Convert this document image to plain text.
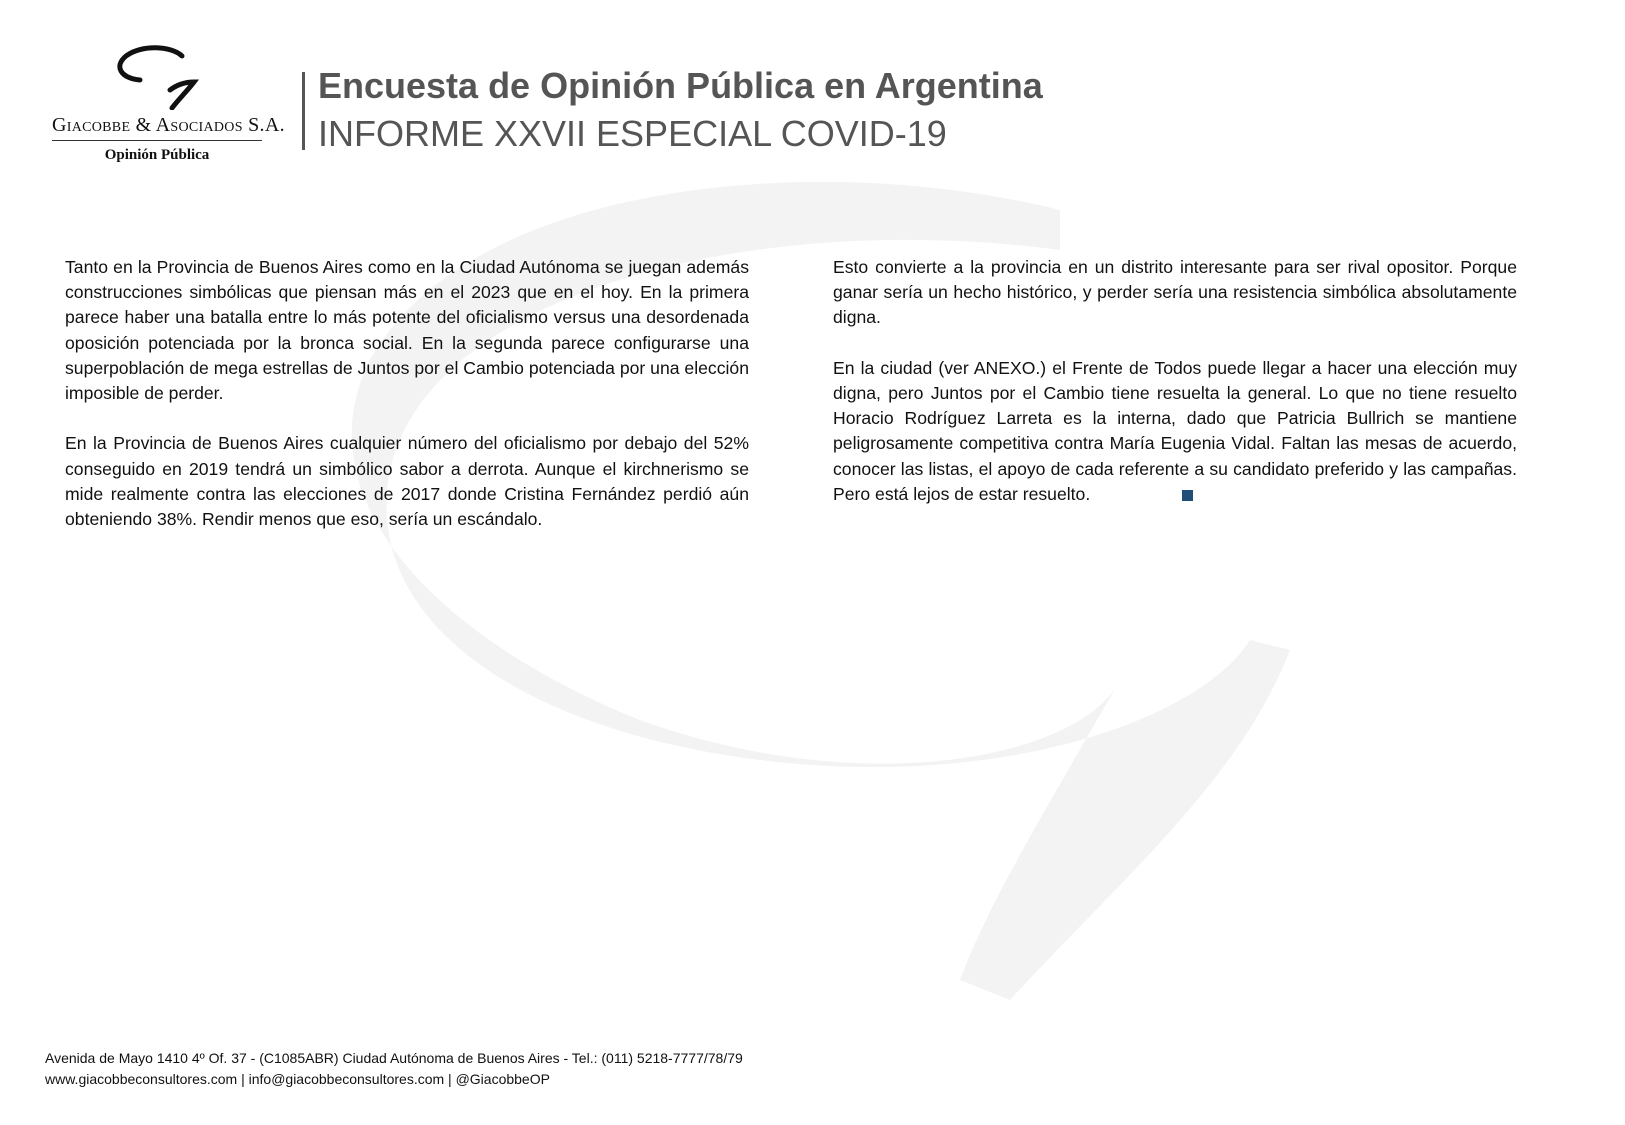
Giacobbe & Asociados S.A.
Opinión Pública
Encuesta de Opinión Pública en Argentina
INFORME XXVII ESPECIAL COVID-19

Tanto en la Provincia de Buenos Aires como en la Ciudad Autónoma se juegan además construcciones simbólicas que piensan más en el 2023 que en el hoy. En la primera parece haber una batalla entre lo más potente del oficialismo versus una desordenada oposición potenciada por la bronca social. En la segunda parece configurarse una superpoblación de mega estrellas de Juntos por el Cambio potenciada por una elección imposible de perder.

En la Provincia de Buenos Aires cualquier número del oficialismo por debajo del 52% conseguido en 2019 tendrá un simbólico sabor a derrota. Aunque el kirchnerismo se mide realmente contra las elecciones de 2017 donde Cristina Fernández perdió aún obteniendo 38%. Rendir menos que eso, sería un escándalo.

Esto convierte a la provincia en un distrito interesante para ser rival opositor. Porque ganar sería un hecho histórico, y perder sería una resistencia simbólica absolutamente digna.

En la ciudad (ver ANEXO.) el Frente de Todos puede llegar a hacer una elección muy digna, pero Juntos por el Cambio tiene resuelta la general. Lo que no tiene resuelto Horacio Rodríguez Larreta es la interna, dado que Patricia Bullrich se mantiene peligrosamente competitiva contra María Eugenia Vidal. Faltan las mesas de acuerdo, conocer las listas, el apoyo de cada referente a su candidato preferido y las campañas. Pero está lejos de estar resuelto.

Avenida de Mayo 1410 4º Of. 37 - (C1085ABR) Ciudad Autónoma de Buenos Aires - Tel.: (011) 5218-7777/78/79
www.giacobbeconsultores.com | info@giacobbeconsultores.com | @GiacobbeOP
